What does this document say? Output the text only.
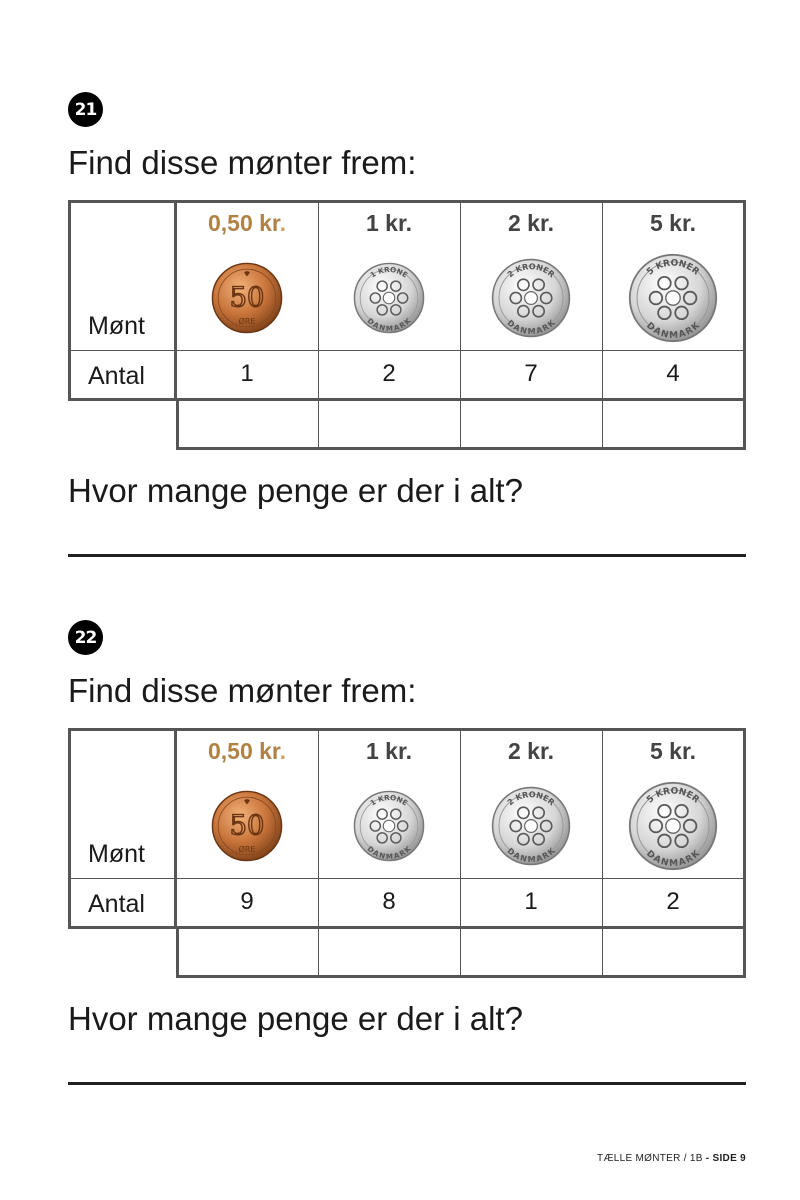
21
Find disse mønter frem:
Mønt
Antal
0,50 kr.
50
ØRE
1
1 kr.
1 KRONE
DANMARK
2
2 kr.
2 KRONER
DANMARK
7
5 kr.
5 KRONER
DANMARK
4
Hvor mange penge er der i alt?
22
Find disse mønter frem:
Mønt
Antal
0,50 kr.
50
ØRE
9
1 kr.
1 KRONE
DANMARK
8
2 kr.
2 KRONER
DANMARK
1
5 kr.
5 KRONER
DANMARK
2
Hvor mange penge er der i alt?
TÆLLE MØNTER / 1B - SIDE 9
